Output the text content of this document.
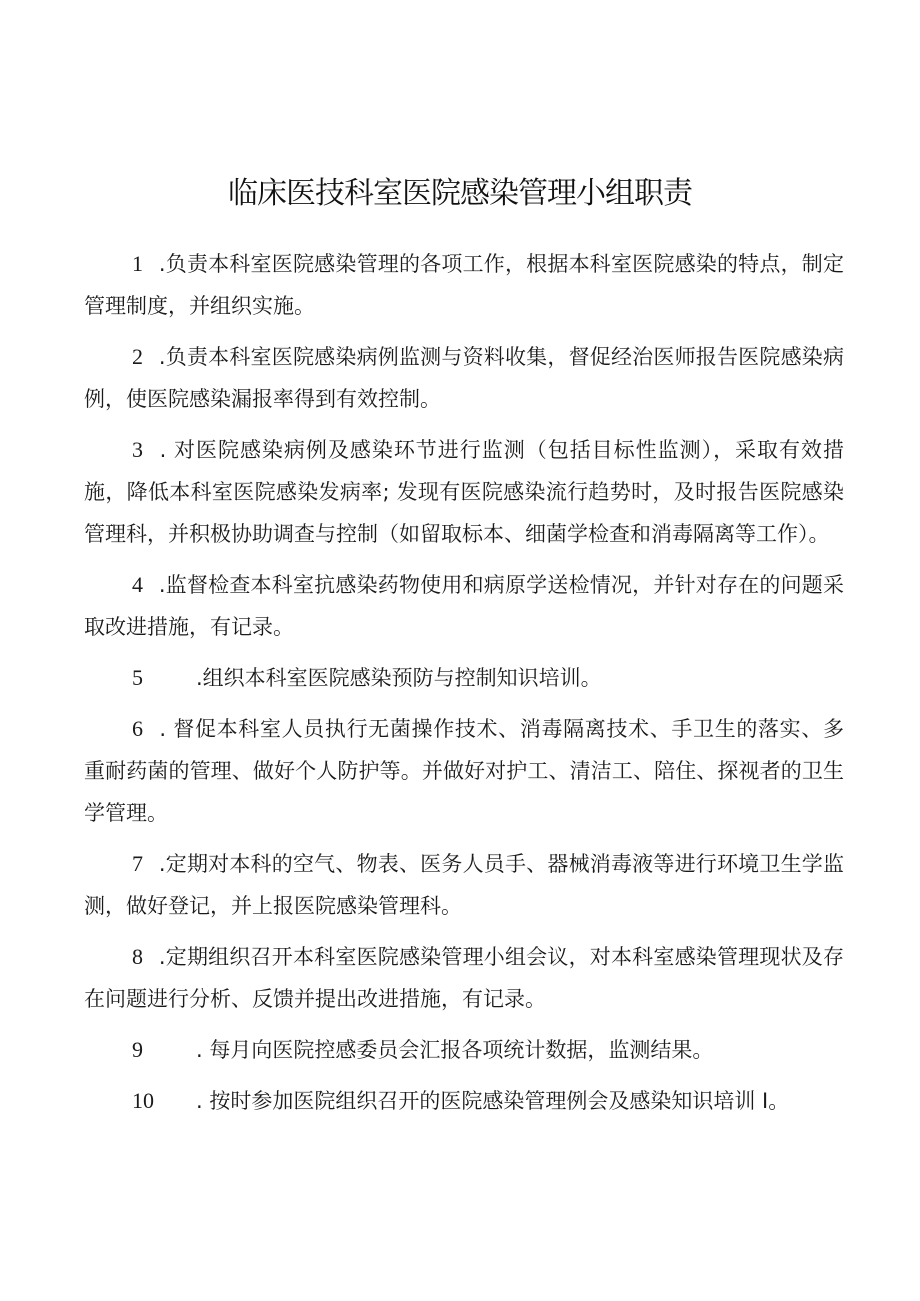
临床医技科室医院感染管理小组职责

1 .负责本科室医院感染管理的各项工作，根据本科室医院感染的特点，制定管理制度，并组织实施。

2 .负责本科室医院感染病例监测与资料收集，督促经治医师报告医院感染病例，使医院感染漏报率得到有效控制。

3 . 对医院感染病例及感染环节进行监测（包括目标性监测），采取有效措施，降低本科室医院感染发病率; 发现有医院感染流行趋势时，及时报告医院感染管理科，并积极协助调查与控制（如留取标本、细菌学检查和消毒隔离等工作）。

4 .监督检查本科室抗感染药物使用和病原学送检情况，并针对存在的问题采取改进措施，有记录。

5	.组织本科室医院感染预防与控制知识培训。

6 . 督促本科室人员执行无菌操作技术、消毒隔离技术、手卫生的落实、多重耐药菌的管理、做好个人防护等。并做好对护工、清洁工、陪住、探视者的卫生学管理。

7 .定期对本科的空气、物表、医务人员手、器械消毒液等进行环境卫生学监测，做好登记，并上报医院感染管理科。

8 .定期组织召开本科室医院感染管理小组会议，对本科室感染管理现状及存在问题进行分析、反馈并提出改进措施，有记录。

9	. 每月向医院控感委员会汇报各项统计数据，监测结果。

10 . 按时参加医院组织召开的医院感染管理例会及感染知识培训 I。
